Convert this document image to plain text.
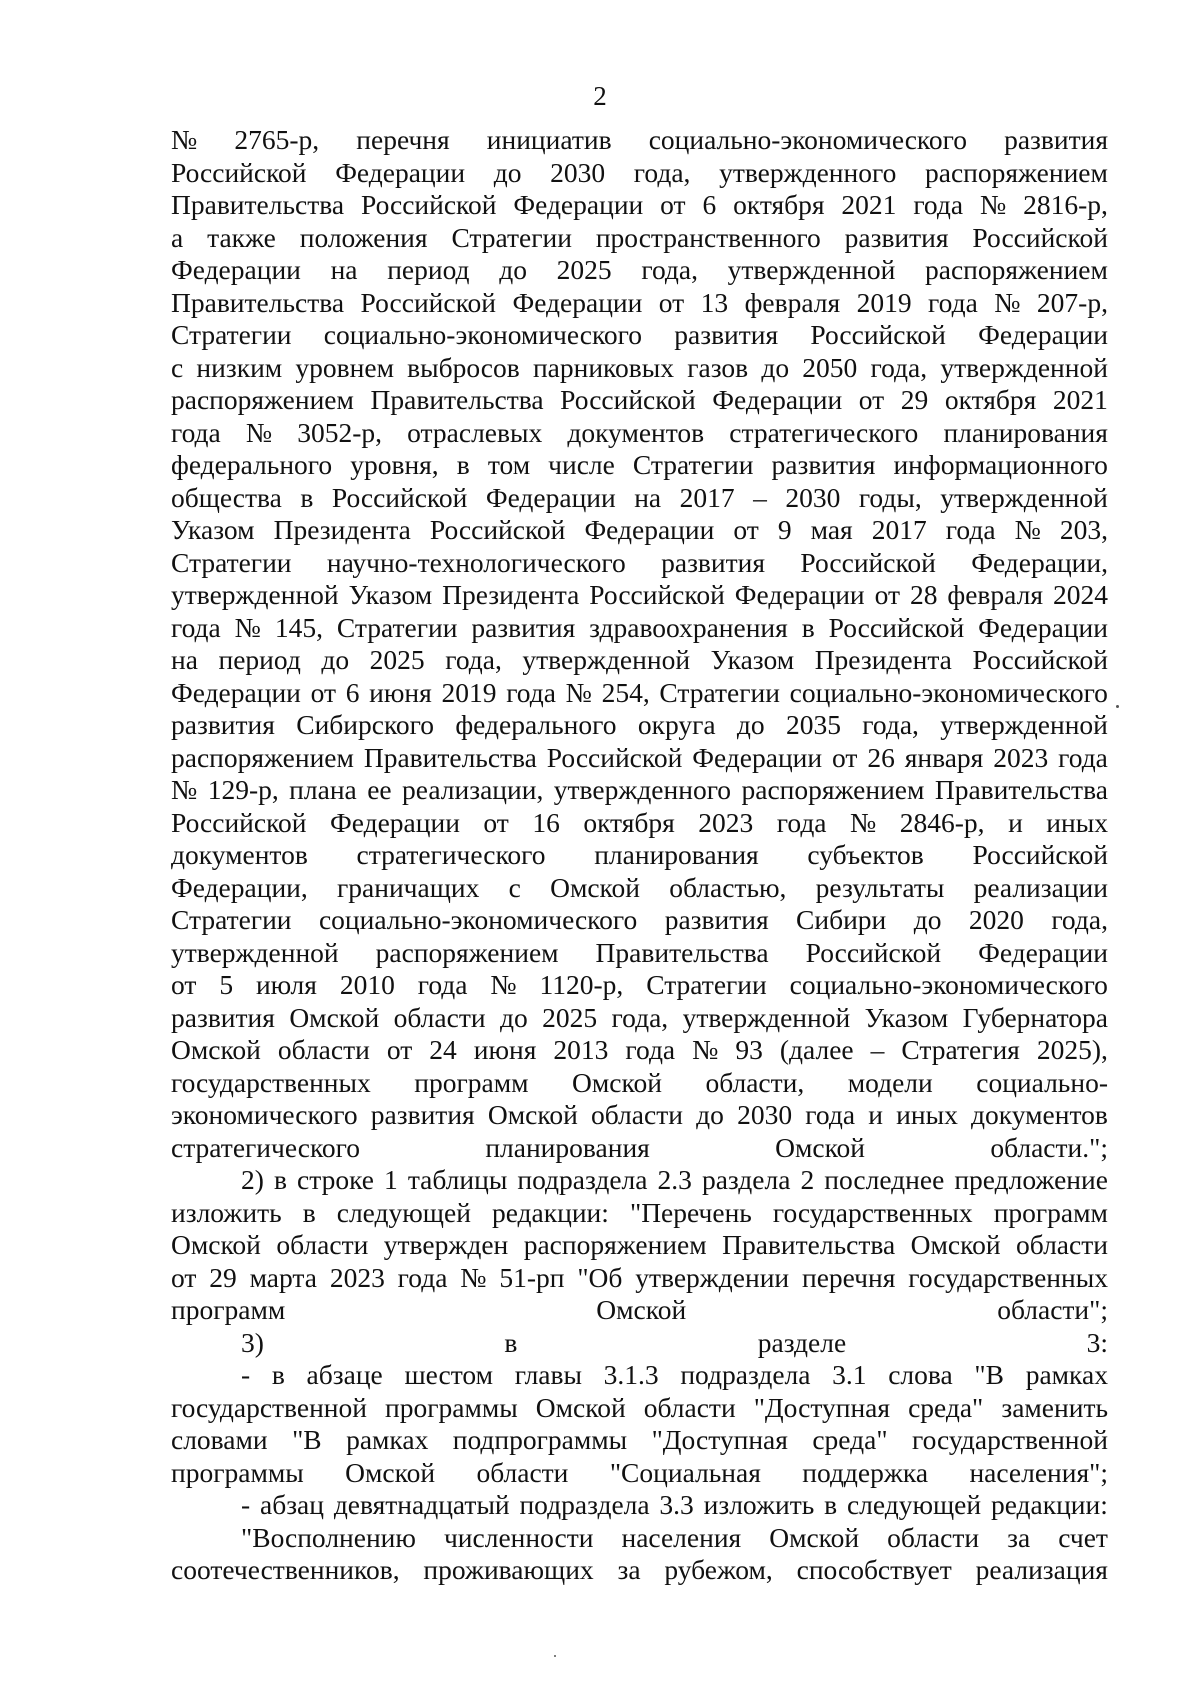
2
№ 2765-р, перечня инициатив социально-экономического развития
Российской Федерации до 2030 года, утвержденного распоряжением
Правительства Российской Федерации от 6 октября 2021 года № 2816-р,
а также положения Стратегии пространственного развития Российской
Федерации на период до 2025 года, утвержденной распоряжением
Правительства Российской Федерации от 13 февраля 2019 года № 207-р,
Стратегии социально-экономического развития Российской Федерации
с низким уровнем выбросов парниковых газов до 2050 года, утвержденной
распоряжением Правительства Российской Федерации от 29 октября 2021
года № 3052-р, отраслевых документов стратегического планирования
федерального уровня, в том числе Стратегии развития информационного
общества в Российской Федерации на 2017 – 2030 годы, утвержденной
Указом Президента Российской Федерации от 9 мая 2017 года № 203,
Стратегии научно-технологического развития Российской Федерации,
утвержденной Указом Президента Российской Федерации от 28 февраля 2024
года № 145, Стратегии развития здравоохранения в Российской Федерации
на период до 2025 года, утвержденной Указом Президента Российской
Федерации от 6 июня 2019 года № 254, Стратегии социально-экономического
развития Сибирского федерального округа до 2035 года, утвержденной
распоряжением Правительства Российской Федерации от 26 января 2023 года
№ 129-р, плана ее реализации, утвержденного распоряжением Правительства
Российской Федерации от 16 октября 2023 года № 2846-р, и иных
документов стратегического планирования субъектов Российской
Федерации, граничащих с Омской областью, результаты реализации
Стратегии социально-экономического развития Сибири до 2020 года,
утвержденной распоряжением Правительства Российской Федерации
от 5 июля 2010 года № 1120-р, Стратегии социально-экономического
развития Омской области до 2025 года, утвержденной Указом Губернатора
Омской области от 24 июня 2013 года № 93 (далее – Стратегия 2025),
государственных программ Омской области, модели социально-
экономического развития Омской области до 2030 года и иных документов
стратегического планирования Омской области.";
2) в строке 1 таблицы подраздела 2.3 раздела 2 последнее предложение
изложить в следующей редакции: "Перечень государственных программ
Омской области утвержден распоряжением Правительства Омской области
от 29 марта 2023 года № 51-рп "Об утверждении перечня государственных
программ Омской области";
3) в разделе 3:
- в абзаце шестом главы 3.1.3 подраздела 3.1 слова "В рамках
государственной программы Омской области "Доступная среда" заменить
словами "В рамках подпрограммы "Доступная среда" государственной
программы Омской области "Социальная поддержка населения";
- абзац девятнадцатый подраздела 3.3 изложить в следующей редакции:
"Восполнению численности населения Омской области за счет
соотечественников, проживающих за рубежом, способствует реализация
